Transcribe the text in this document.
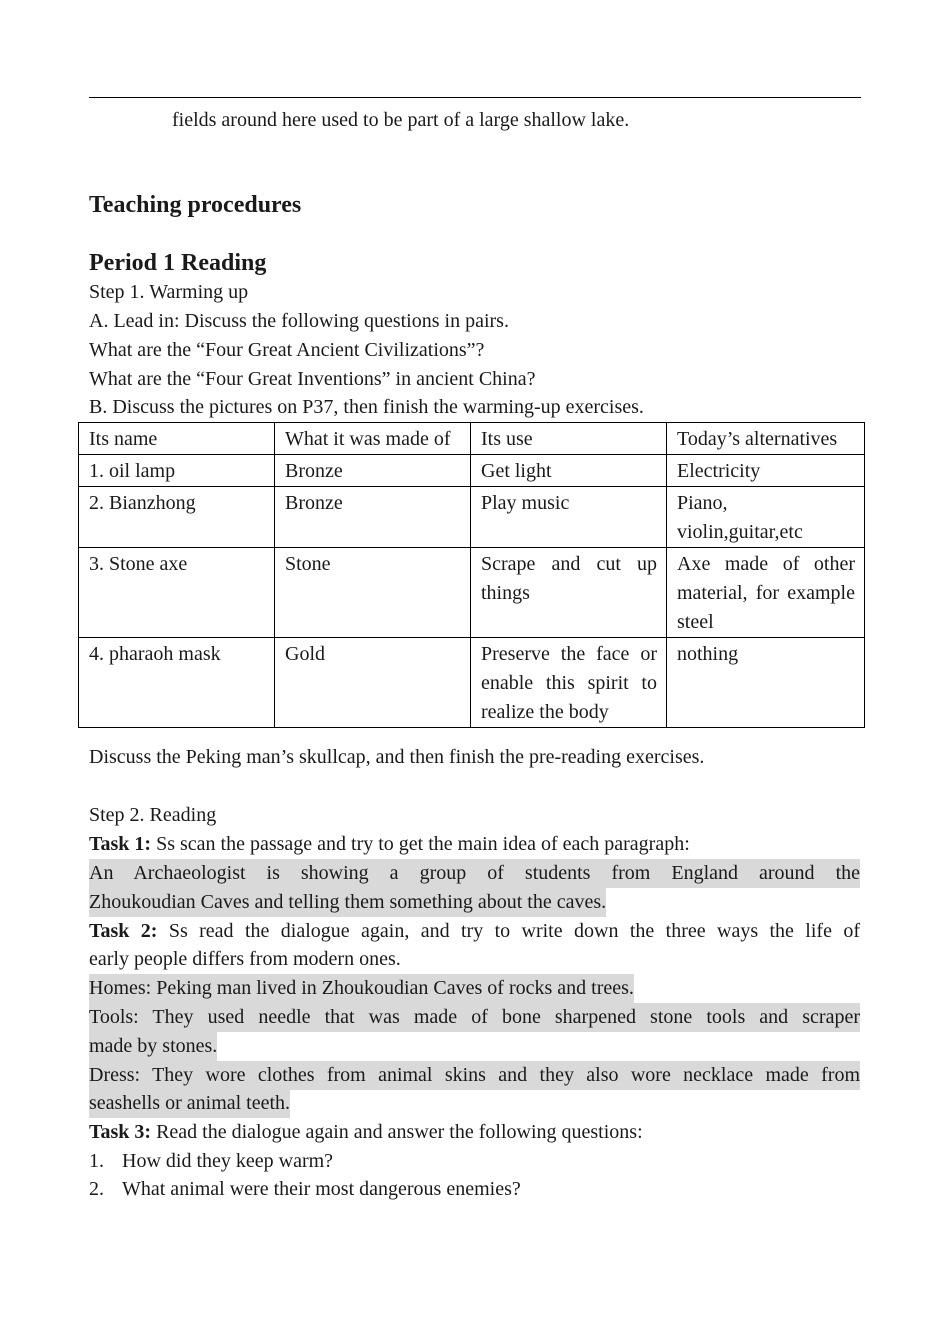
fields around here used to be part of a large shallow lake.
Teaching procedures
Period 1 Reading
Step 1. Warming up
A. Lead in: Discuss the following questions in pairs.
What are the “Four Great Ancient Civilizations”?
What are the “Four Great Inventions” in ancient China?
B. Discuss the pictures on P37, then finish the warming-up exercises.
Its name	What it was made of	Its use	Today’s alternatives
1. oil lamp	Bronze	Get light	Electricity
2. Bianzhong	Bronze	Play music	Piano, violin,guitar,etc
3. Stone axe	Stone	Scrape and cut up things	Axe made of other material, for example steel
4. pharaoh mask	Gold	Preserve the face or enable this spirit to realize the body	nothing
Discuss the Peking man’s skullcap, and then finish the pre-reading exercises.
Step 2. Reading
Task 1: Ss scan the passage and try to get the main idea of each paragraph:
An Archaeologist is showing a group of students from England around the
Zhoukoudian Caves and telling them something about the caves.
Task 2: Ss read the dialogue again, and try to write down the three ways the life of
early people differs from modern ones.
Homes: Peking man lived in Zhoukoudian Caves of rocks and trees.
Tools: They used needle that was made of bone sharpened stone tools and scraper
made by stones.
Dress: They wore clothes from animal skins and they also wore necklace made from
seashells or animal teeth.
Task 3: Read the dialogue again and answer the following questions:
1. How did they keep warm?
2. What animal were their most dangerous enemies?
